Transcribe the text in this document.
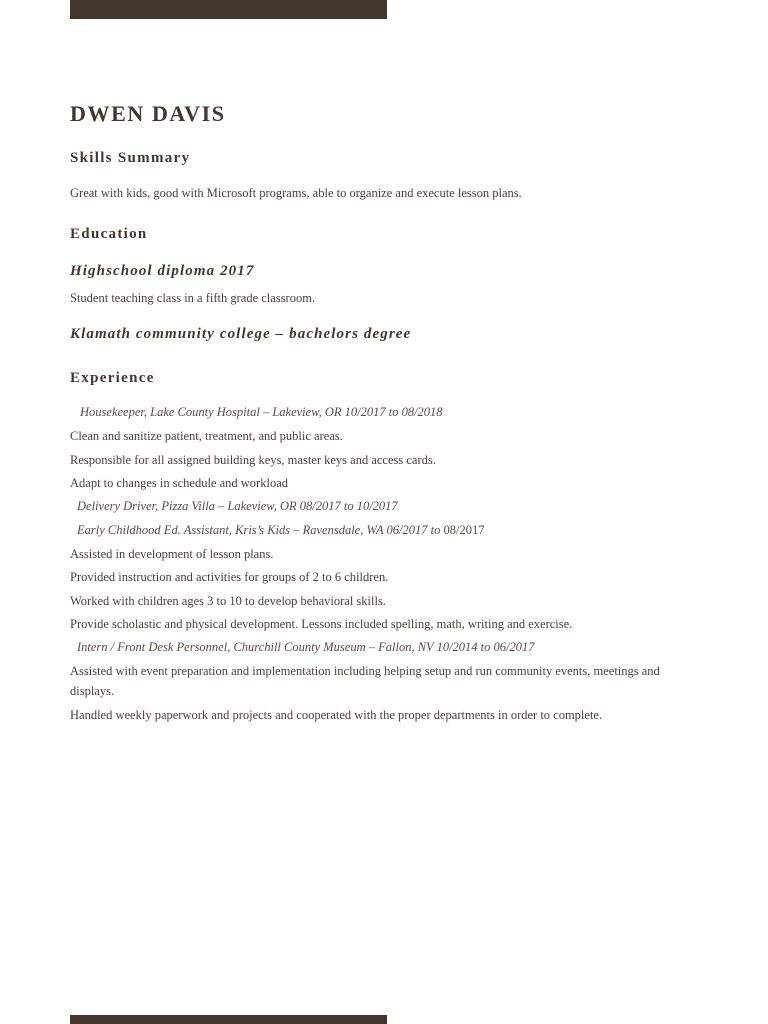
DWEN DAVIS
Skills Summary
Great with kids, good with Microsoft programs, able to organize and execute lesson plans.
Education
Highschool diploma 2017
Student teaching class in a fifth grade classroom.
Klamath community college – bachelors degree
Experience
Housekeeper, Lake County Hospital – Lakeview, OR 10/2017 to 08/2018
Clean and sanitize patient, treatment, and public areas.
Responsible for all assigned building keys, master keys and access cards.
Adapt to changes in schedule and workload
Delivery Driver, Pizza Villa – Lakeview, OR 08/2017 to 10/2017
Early Childhood Ed. Assistant, Kris’s Kids – Ravensdale, WA 06/2017 to 08/2017
Assisted in development of lesson plans.
Provided instruction and activities for groups of 2 to 6 children.
Worked with children ages 3 to 10 to develop behavioral skills.
Provide scholastic and physical development. Lessons included spelling, math, writing and exercise.
Intern / Front Desk Personnel, Churchill County Museum – Fallon, NV 10/2014 to 06/2017
Assisted with event preparation and implementation including helping setup and run community events, meetings and displays.
Handled weekly paperwork and projects and cooperated with the proper departments in order to complete.
